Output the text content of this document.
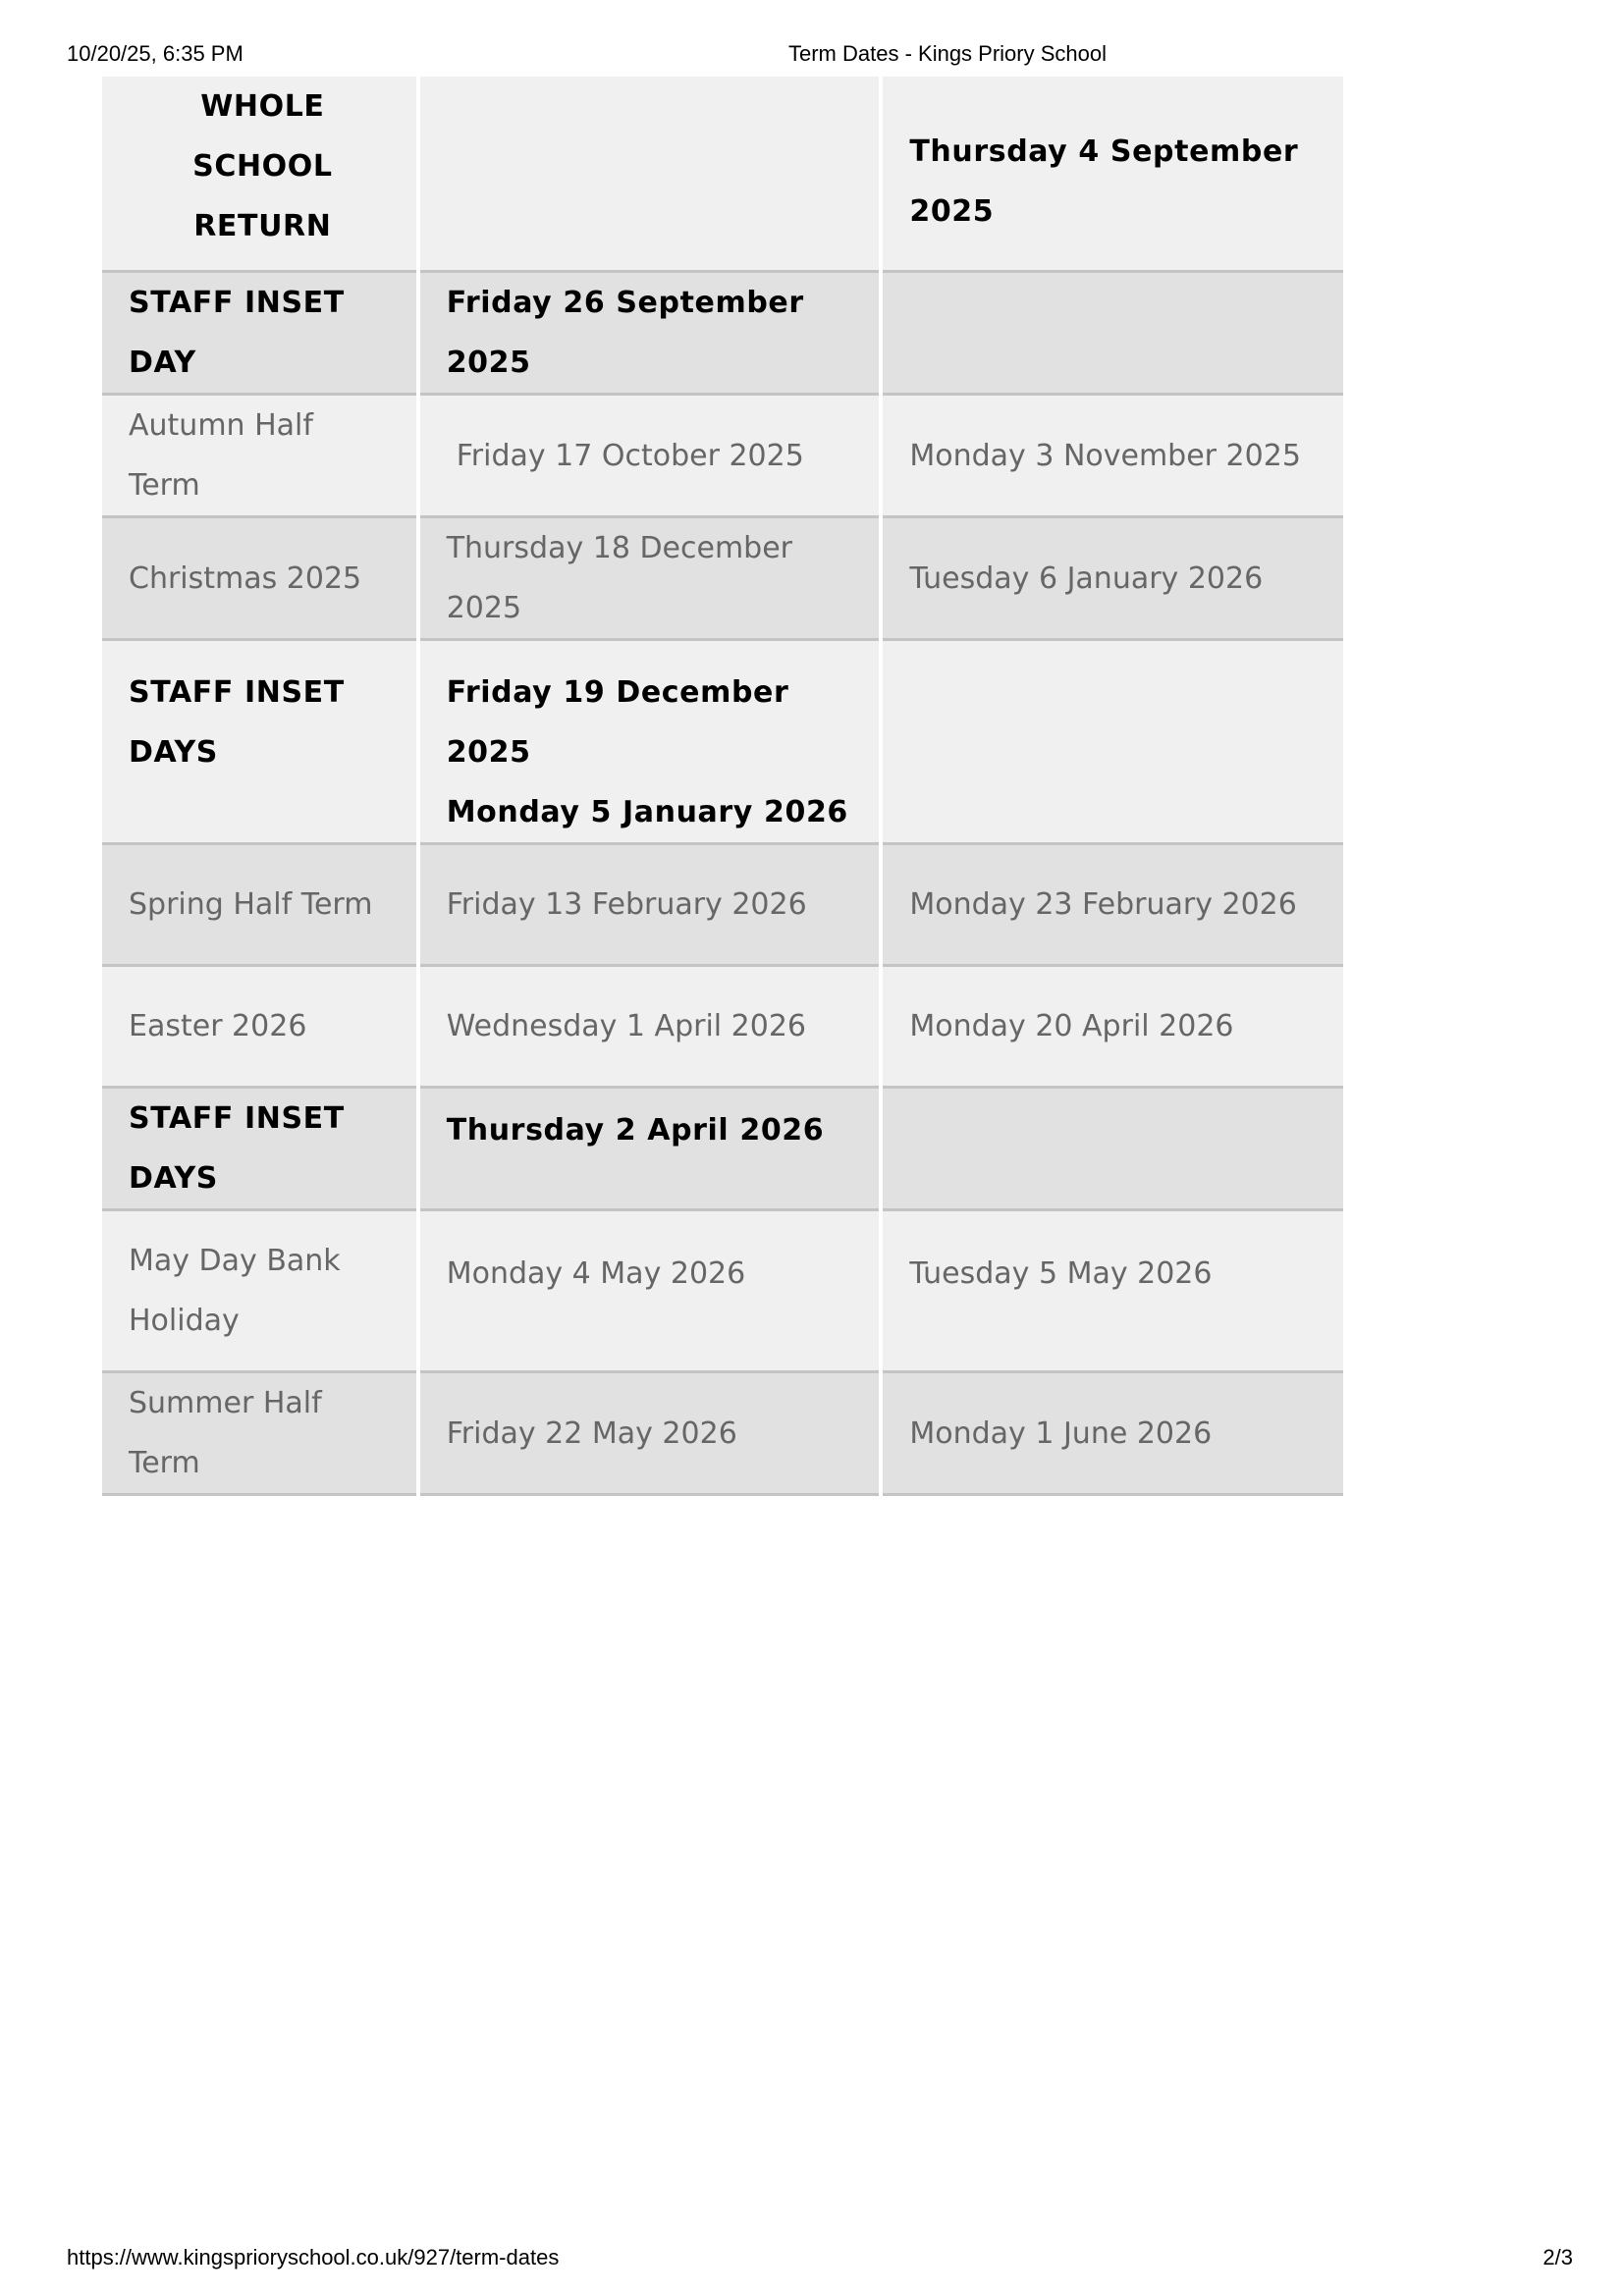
10/20/25, 6:35 PM	Term Dates - Kings Priory School
WHOLE SCHOOL RETURN		Thursday 4 September 2025
STAFF INSET DAY	Friday 26 September 2025	
Autumn Half Term	Friday 17 October 2025	Monday 3 November 2025
Christmas 2025	Thursday 18 December 2025	Tuesday 6 January 2026
STAFF INSET DAYS	Friday 19 December 2025
Monday 5 January 2026	

Spring Half Term	Friday 13 February 2026	Monday 23 February 2026
Easter 2026	Wednesday 1 April 2026	Monday 20 April 2026
STAFF INSET DAYS	Thursday 2 April 2026	
May Day Bank Holiday	Monday 4 May 2026	Tuesday 5 May 2026
Summer Half Term	Friday 22 May 2026	Monday 1 June 2026
https://www.kingsprioryschool.co.uk/927/term-dates	2/3
